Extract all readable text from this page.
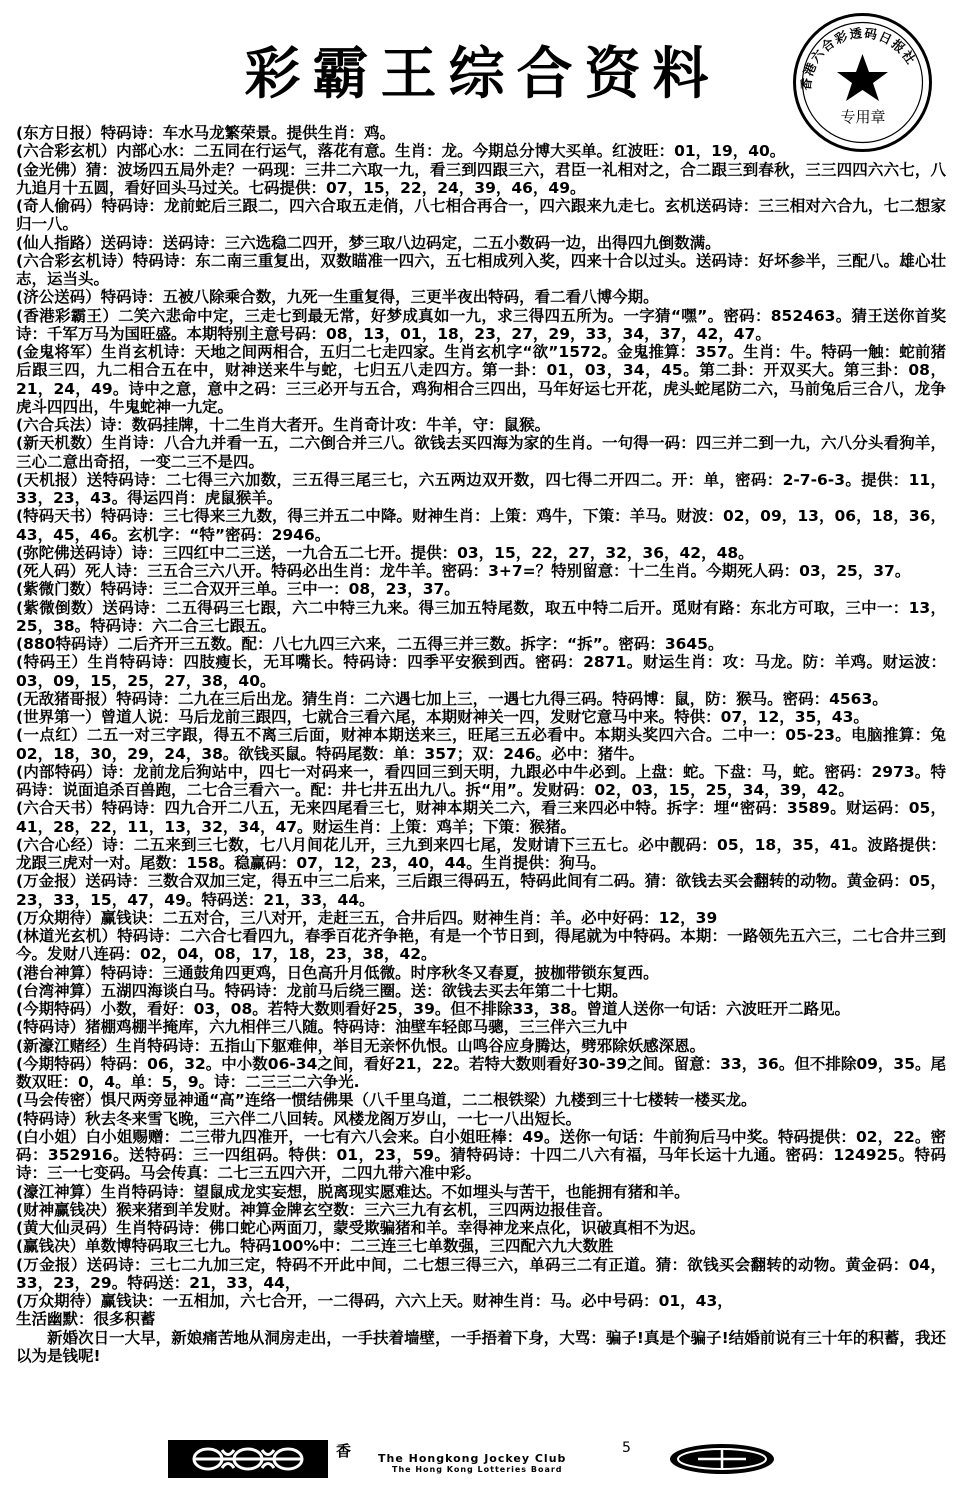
彩霸王综合资料	香港六合彩透码日报社
专用章

(东方日报）特码诗：车水马龙繁荣景。提供生肖：鸡。

(六合彩玄机）内部心水：二五同在行运气，落花有意。生肖：龙。今期总分博大买单。红波旺：01，19，40。

(金光佛）猜：波场四五局外走？一码现：三井二六取一九，看三到四跟三六，君臣一礼相对之，合二跟三到春秋，三三四四六六七，八九追月十五圆，看好回头马过关。七码提供：07，15，22，24，39，46，49。

(奇人偷码）特码诗：龙前蛇后三跟二，四六合取五走俏，八七相合再合一，四六跟来九走七。玄机送码诗：三三相对六合九，七二想家归一八。

(仙人指路）送码诗：送码诗：三六选稳二四开，梦三取八边码定，二五小数码一边，出得四九倒数满。

(六合彩玄机诗）特码诗：东二南三重复出，双数瞄准一四六，五七相成列入奖，四来十合以过头。送码诗：好坏参半，三配八。雄心壮志，运当头。

(济公送码）特码诗：五被八除乘合数，九死一生重复得，三更半夜出特码，看二看八博今期。

(香港彩霸王）二笑六悲命中定，三走七到最无常，好梦成真如一九，求三得四五所为。一字猜“嘿”。密码：852463。猜王送你首奖诗：千军万马为国旺盛。本期特别主意号码：08，13，01，18，23，27，29，33，34，37，42，47。

(金鬼将军）生肖玄机诗：天地之间两相合，五归二七走四家。生肖玄机字“欲”1572。金鬼推算：357。生肖：牛。特码一触：蛇前猪后跟三四，九二相合五在中，财神送来牛与蛇，七归五八走四方。第一卦：01，03，34，45。第二卦：开双买大。第三卦：08，21，24，49。诗中之意，意中之码：三三必开与五合，鸡狗相合三四出，马年好运七开花，虎头蛇尾防二六，马前兔后三合八，龙争虎斗四四出，牛鬼蛇神一九定。

(六合兵法）诗：数码挂牌，十二生肖大者开。生肖奇计攻：牛羊，守：鼠猴。

(新天机数）生肖诗：八合九并看一五，二六倒合并三八。欲钱去买四海为家的生肖。一句得一码：四三并二到一九，六八分头看狗羊，三心二意出奇招，一变二三不是四。

(天机报）送特码诗：二七得三六加数，三五得三尾三七，六五两边双开数，四七得二开四二。开：单，密码：2-7-6-3。提供：11，33，23，43。得运四肖：虎鼠猴羊。

(特码天书）特码诗：三七得来三九数，得三并五二中降。财神生肖：上策：鸡牛，下策：羊马。财波：02，09，13，06，18，36，43，45，46。玄机字：“特”密码：2946。

(弥陀佛送码诗）诗：三四红中二三送，一九合五二七开。提供：03，15，22，27，32，36，42，48。

(死人码）死人诗：三五合三六八开。特码必出生肖：龙牛羊。密码：3+7=？特别留意：十二生肖。今期死人码：03，25，37。

(紫微门数）特码诗：三二合双开三单。三中一：08，23，37。

(紫微倒数）送码诗：二五得码三七跟，六二中特三九来。得三加五特尾数，取五中特二后开。觅财有路：东北方可取，三中一：13，25，38。特码诗：六二合三七跟五。

(880特码诗）二后齐开三五数。配：八七九四三六来，二五得三并三数。拆字：“拆”。密码：3645。

(特码王）生肖特码诗：四肢瘦长，无耳嘴长。特码诗：四季平安猴到西。密码：2871。财运生肖：攻：马龙。防：羊鸡。财运波：03，09，15，25，27，38，40。

(无敌猪哥报）特码诗：二九在三后出龙。猜生肖：二六遇七加上三，一遇七九得三码。特码博：鼠，防：猴马。密码：4563。

(世界第一）曾道人说：马后龙前三跟四，七就合三看六尾，本期财神关一四，发财它意马中来。特供：07，12，35，43。

(一点红）二五一对三字跟，得五不离三后面，财神本期送来三，旺尾三五必看中。本期头奖四六合。二中一：05-23。电脑推算：兔02，18，30，29，24，38。欲钱买鼠。特码尾数：单：357；双：246。必中：猪牛。

(内部特码）诗：龙前龙后狗站中，四七一对码来一，看四回三到天明，九跟必中牛必到。上盘：蛇。下盘：马，蛇。密码：2973。特码诗：说面追杀百兽跑，二七合三看六一。配：井七井五出九八。拆“用”。发财码：02，03，15，25，34，39，42。

(六合天书）特码诗：四九合开二八五，无来四尾看三七，财神本期关二六，看三来四必中特。拆字：埋“密码：3589。财运码：05，41，28，22，11，13，32，34，47。财运生肖：上策：鸡羊；下策：猴猪。

(六合心经）诗：二五来到三七数，七八月间花儿开，三九到来四七尾，发财请下三五七。必中靓码：05，18，35，41。波路提供：龙跟三虎对一对。尾数：158。稳赢码：07，12，23，40，44。生肖提供：狗马。

(万金报）送码诗：三数合双加三定，得五中三二后来，三后跟三得码五，特码此间有二码。猜：欲钱去买会翻转的动物。黄金码：05，23，33，15，47，49。特码送：21，33，44。

(万众期待）赢钱诀：二五对合，三八对开，走赶三五，合井后四。财神生肖：羊。必中好码：12，39

(林道光玄机）特码诗：二六合七看四九，春季百花齐争艳，有是一个节日到，得尾就为中特码。本期：一路领先五六三，二七合井三到今。发财八连码：02，04，08，17，18，23，38，42。

(港台神算）特码诗：三通鼓角四更鸡，日色高升月低微。时序秋冬又春夏，披枷带锁东复西。

(台湾神算）五湖四海谈白马。特码诗：龙前马后绕三圈。送：欲钱去买去年第二十七期。

(今期特码）小数，看好：03，08。若特大数则看好25，39。但不排除33，38。曾道人送你一句话：六波旺开二路见。

(特码诗）猪棚鸡棚半掩库，六九相伴三八随。特码诗：油壁车轻郎马骢，三三伴六三九中

(新濠江赌经）生肖特码诗：五指山下躯难伸，举目无亲怀仇恨。山鸣谷应身腾达，劈邪除妖感深恩。

(今期特码）特码：06，32。中小数06-34之间，看好21，22。若特大数则看好30-39之间。留意：33，36。但不排除09，35。尾数双旺：0，4。单：5，9。诗：二三三二六争光.

(马会传密）惧尺两旁显神通“高”连络一惯结佛果（八千里乌道，二二根铁梁）九楼到三十七楼转一楼买龙。

(特码诗）秋去冬来雪飞晚，三六伴二八回转。风楼龙阁万岁山，一七一八出短长。

(白小姐）白小姐赐赠：二三带九四准开，一七有六八会来。白小姐旺棒：49。送你一句话：牛前狗后马中奖。特码提供：02，22。密码：352916。送特码：三一四组码。特供：01，23，59。猜特码诗：十四二八六有福，马年长运十九通。密码：124925。特码诗：三一七变码。马会传真：二七三五四六开，二四九带六准中彩。

(濠江神算）生肖特码诗：望鼠成龙实妄想，脱离现实愿难达。不如埋头与苦干，也能拥有猪和羊。

(财神赢钱决）猴来猪到羊发财。神算金牌玄空数：三六三九有玄机，三四两边报佳音。

(黄大仙灵码）生肖特码诗：佛口蛇心两面刀，蒙受欺骗猪和羊。幸得神龙来点化，识破真相不为迟。

(赢钱决）单数博特码取三七九。特码100%中：二三连三七单数强，三四配六九大数胜

(万金报）送码诗：三七二九加三定，特码不开此中间，二七想三得三六，单码三二有正道。猜：欲钱买会翻转的动物。黄金码：04，33，23，29。特码送：21，33，44，

(万众期待）赢钱诀：一五相加，六七合开，一二得码，六六上天。财神生肖：马。必中号码：01，43，

生活幽默：很多积蓄

新婚次日一大早，新娘痛苦地从洞房走出，一手扶着墙壁，一手捂着下身，大骂：骗子!真是个骗子!结婚前说有三十年的积蓄，我还以为是钱呢!

香 The Hongkong Jockey Club
The Hong Kong Lotteries Board
5
